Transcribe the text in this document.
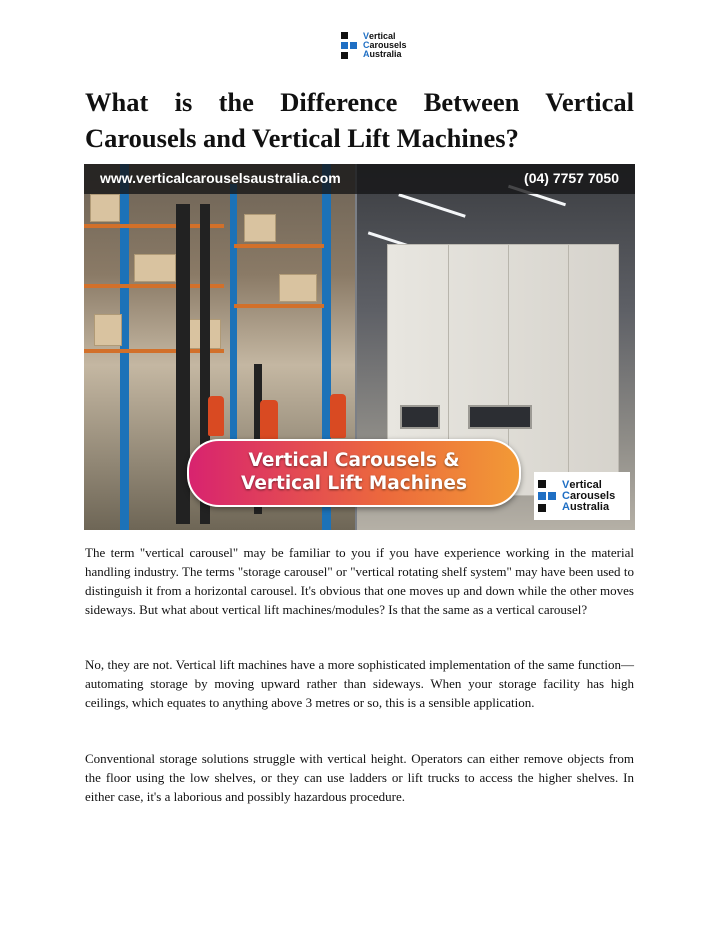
Vertical
Carousels
Australia
What is the Difference Between Vertical Carousels and Vertical Lift Machines?
www.verticalcarouselsaustralia.com	(04) 7757 7050
Vertical Carousels &
Vertical Lift Machines	Vertical
Carousels
Australia

The term "vertical carousel" may be familiar to you if you have experience working in the material handling industry. The terms "storage carousel" or "vertical rotating shelf system" may have been used to distinguish it from a horizontal carousel. It's obvious that one moves up and down while the other moves sideways. But what about vertical lift machines/modules? Is that the same as a vertical carousel?

No, they are not. Vertical lift machines have a more sophisticated implementation of the same function—automating storage by moving upward rather than sideways. When your storage facility has high ceilings, which equates to anything above 3 metres or so, this is a sensible application.

Conventional storage solutions struggle with vertical height. Operators can either remove objects from the floor using the low shelves, or they can use ladders or lift trucks to access the higher shelves. In either case, it's a laborious and possibly hazardous procedure.
